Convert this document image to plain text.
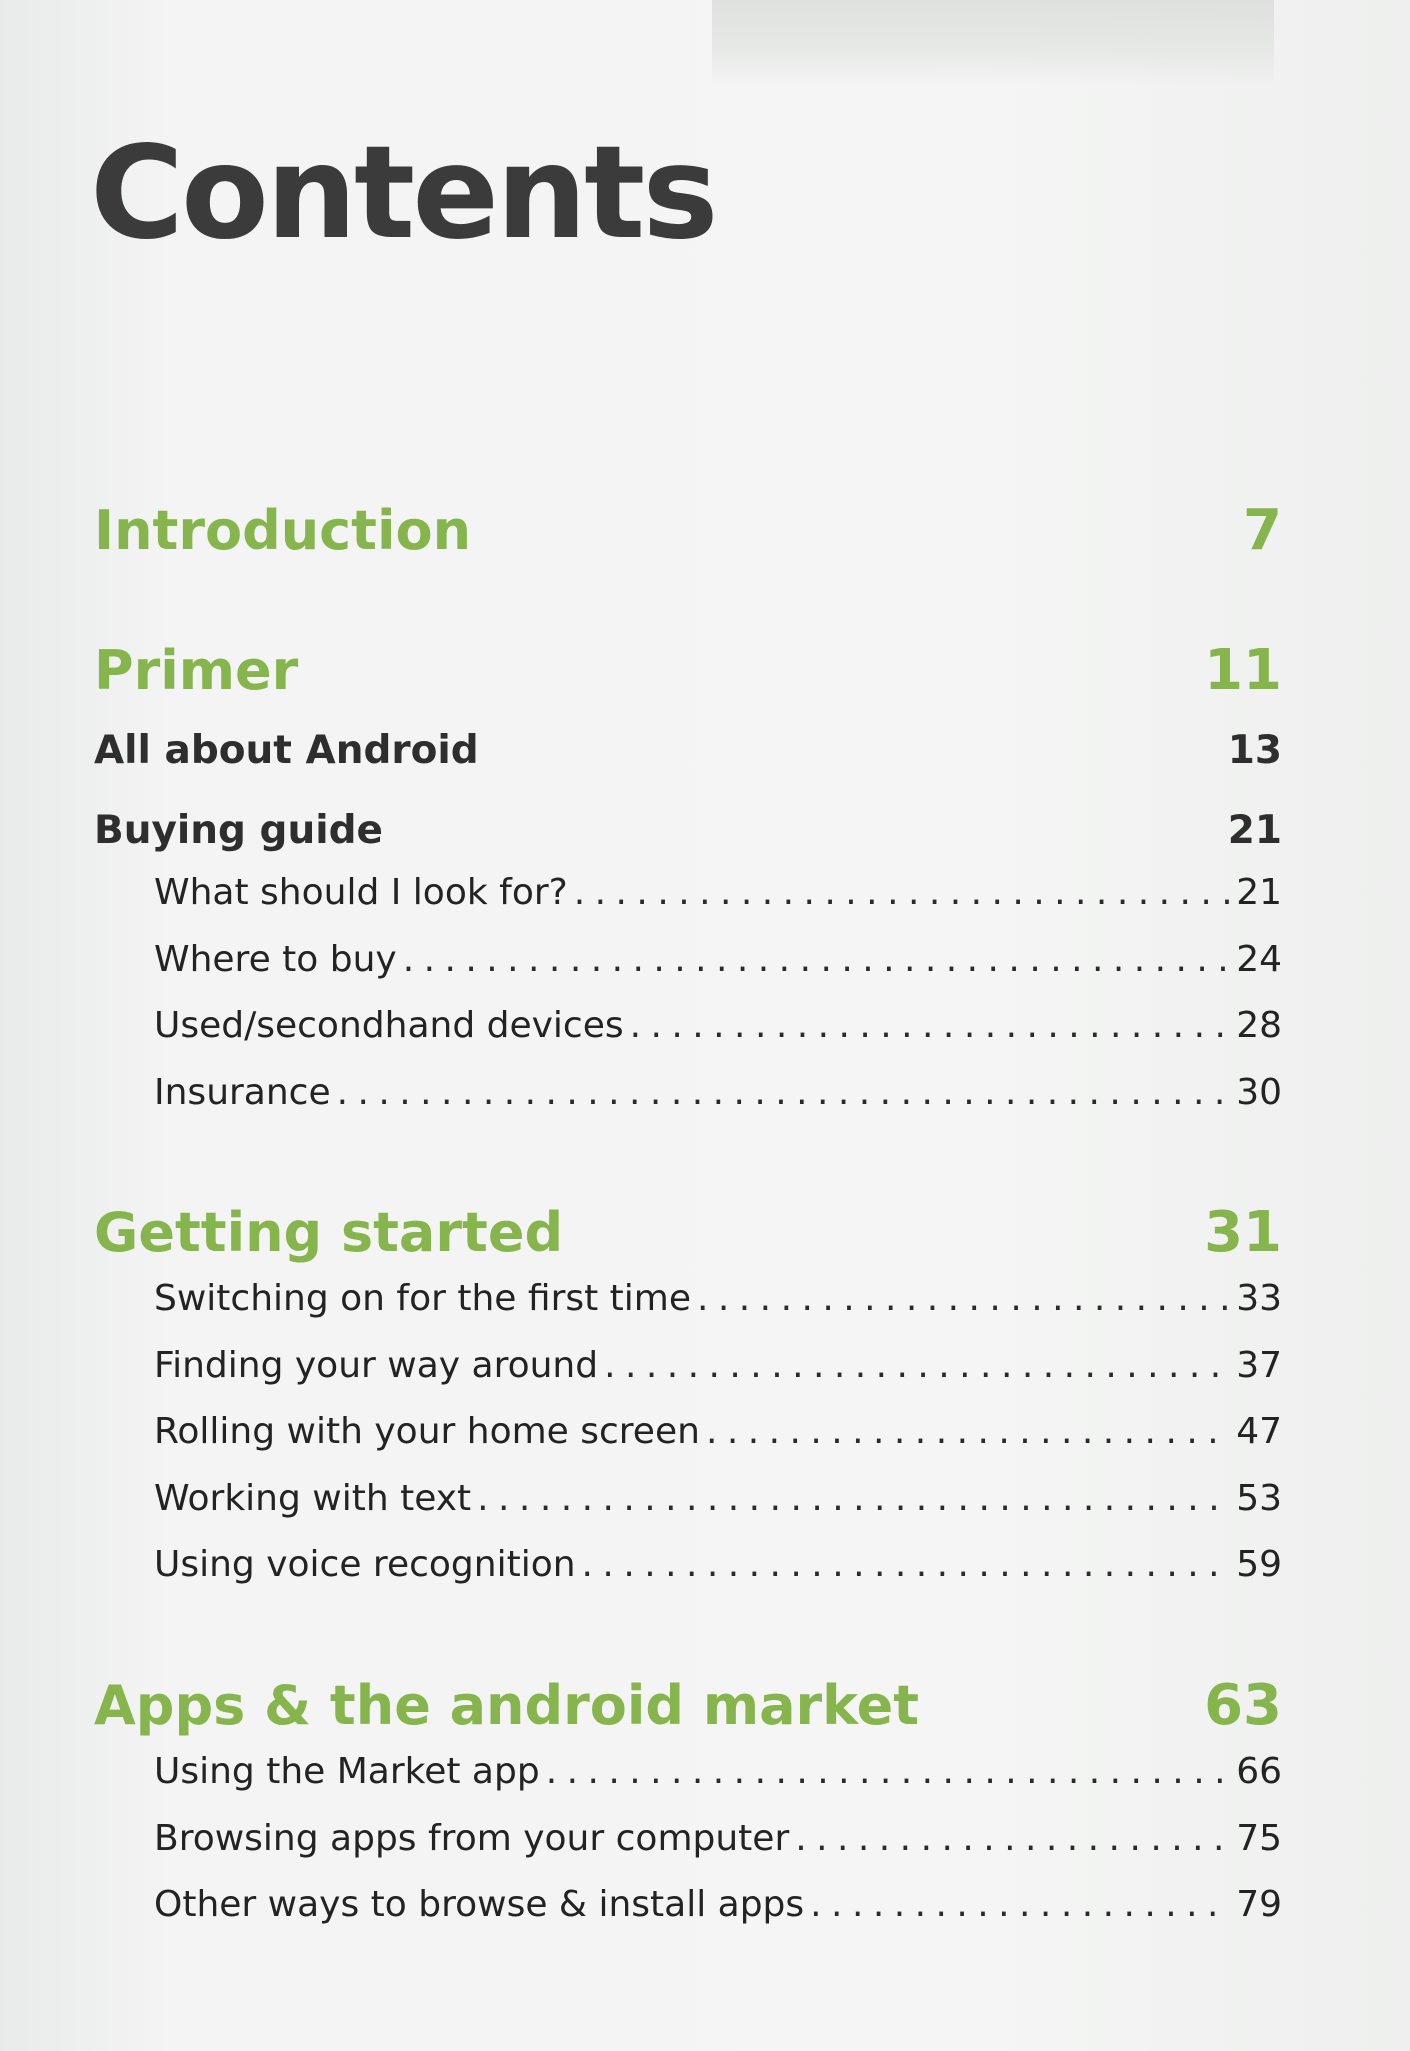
Contents
Introduction	7
Primer	11
All about Android	13
Buying guide	21
What should I look for? . . .	21
Where to buy . . .	24
Used/secondhand devices . . .	28
Insurance . . .	30
Getting started	31
Switching on for the first time . . .	33
Finding your way around . . .	37
Rolling with your home screen . . .	47
Working with text . . .	53
Using voice recognition . . .	59
Apps & the android market	63
Using the Market app . . .	66
Browsing apps from your computer . . .	75
Other ways to browse & install apps . . .	79
